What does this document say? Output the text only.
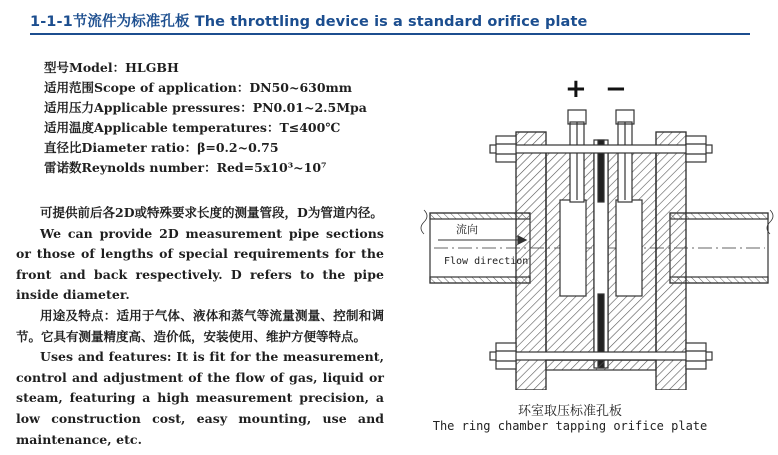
1-1-1节流件为标准孔板 The throttling device is a standard orifice plate
型号Model：HLGBH
适用范围Scope of application：DN50~630mm
适用压力Applicable pressures：PN0.01~2.5Mpa
适用温度Applicable temperatures：T≤400℃
直径比Diameter ratio：β=0.2~0.75
雷诺数Reynolds number：Red=5x10³~10⁷

可提供前后各2D或特殊要求长度的测量管段，D为管道内径。

We can provide 2D measurement pipe sections or those of lengths of special requirements for the front and back respectively. D refers to the pipe inside diameter.

用途及特点：适用于气体、液体和蒸气等流量测量、控制和调节。它具有测量精度高、造价低，安装使用、维护方便等特点。

Uses and features: It is fit for the measurement, control and adjustment of the flow of gas, liquid or steam, featuring a high measurement precision, a low construction cost, easy mounting, use and maintenance, etc.

+ −
流向
Flow direction
环室取压标准孔板
The ring chamber tapping orifice plate
